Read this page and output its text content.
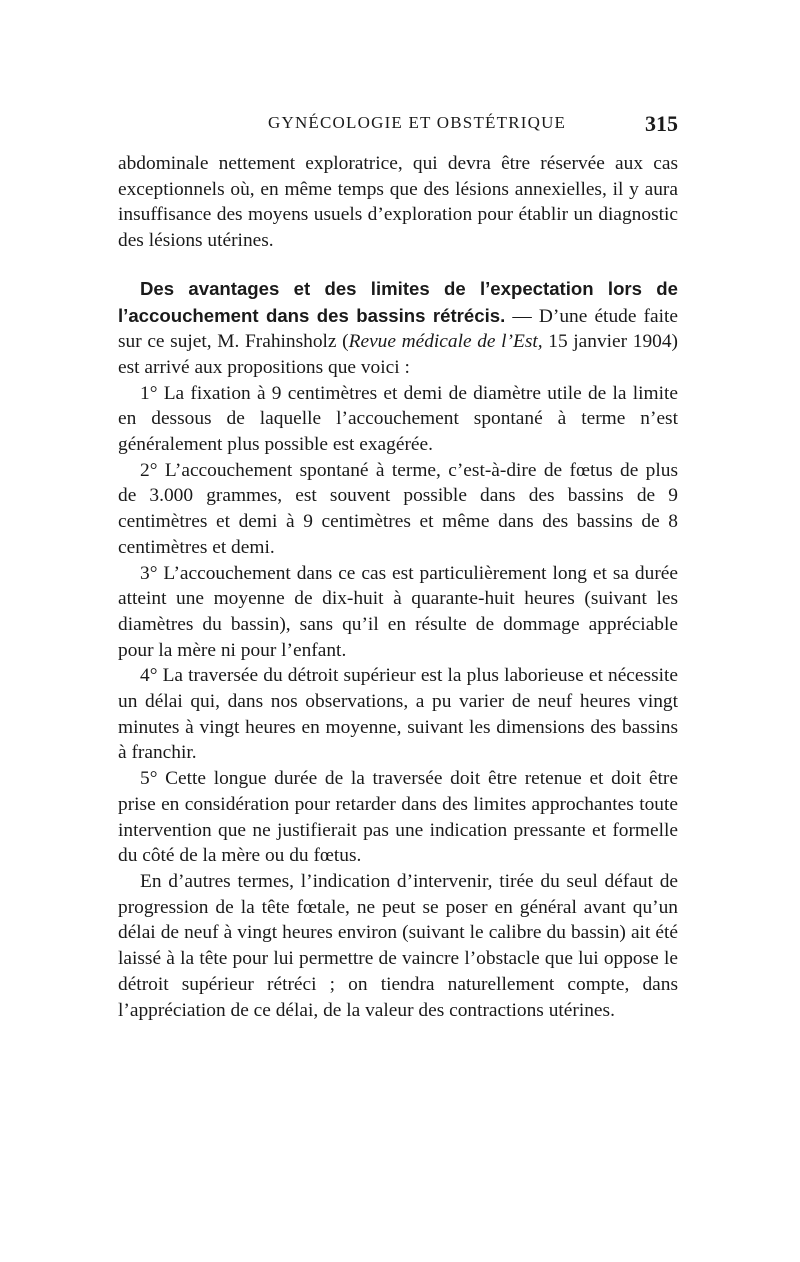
GYNÉCOLOGIE ET OBSTÉTRIQUE	315

abdominale nettement exploratrice, qui devra être réservée aux cas exceptionnels où, en même temps que des lésions annexielles, il y aura insuffisance des moyens usuels d’exploration pour établir un diagnostic des lésions utérines.

Des avantages et des limites de l’expectation lors de l’accouchement dans des bassins rétrécis. — D’une étude faite sur ce sujet, M. Frahinsholz (Revue médicale de l’Est, 15 janvier 1904) est arrivé aux propositions que voici :

1° La fixation à 9 centimètres et demi de diamètre utile de la limite en dessous de laquelle l’accouchement spontané à terme n’est généralement plus possible est exagérée.

2° L’accouchement spontané à terme, c’est-à-dire de fœtus de plus de 3.000 grammes, est souvent possible dans des bassins de 9 centimètres et demi à 9 centimètres et même dans des bassins de 8 centimètres et demi.

3° L’accouchement dans ce cas est particulièrement long et sa durée atteint une moyenne de dix-huit à quarante-huit heures (suivant les diamètres du bassin), sans qu’il en résulte de dommage appréciable pour la mère ni pour l’enfant.

4° La traversée du détroit supérieur est la plus laborieuse et nécessite un délai qui, dans nos observations, a pu varier de neuf heures vingt minutes à vingt heures en moyenne, suivant les dimensions des bassins à franchir.

5° Cette longue durée de la traversée doit être retenue et doit être prise en considération pour retarder dans des limites approchantes toute intervention que ne justifierait pas une indication pressante et formelle du côté de la mère ou du fœtus.

En d’autres termes, l’indication d’intervenir, tirée du seul défaut de progression de la tête fœtale, ne peut se poser en général avant qu’un délai de neuf à vingt heures environ (suivant le calibre du bassin) ait été laissé à la tête pour lui permettre de vaincre l’obstacle que lui oppose le détroit supérieur rétréci ; on tiendra naturellement compte, dans l’appréciation de ce délai, de la valeur des contractions utérines.
